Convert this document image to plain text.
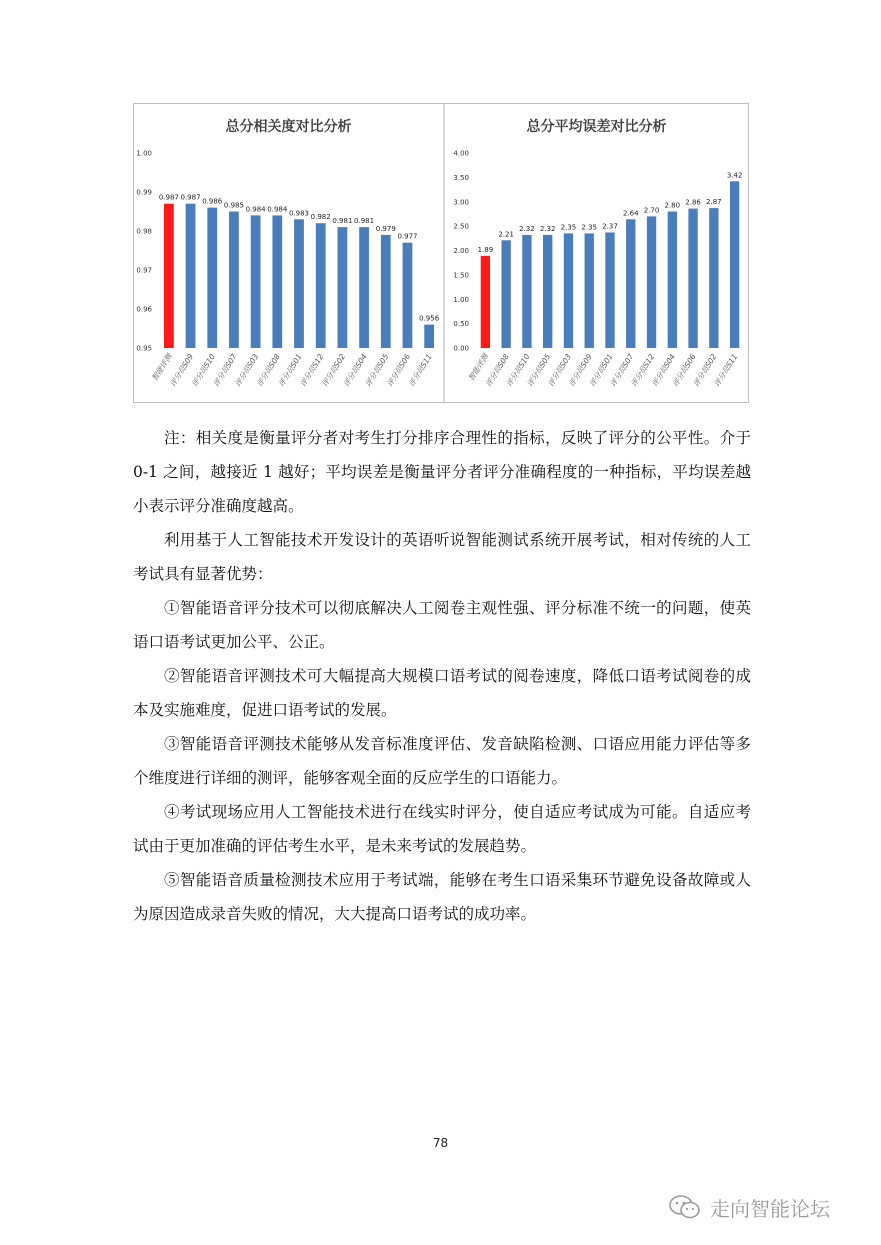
总分相关度对比分析
1.00
0.99
0.98
0.97
0.96
0.95
0.987
智能评测
0.987
评分员S09
0.986
评分员S10
0.985
评分员S07
0.984
评分员S03
0.984
评分员S08
0.983
评分员S01
0.982
评分员S12
0.981
评分员S02
0.981
评分员S04
0.979
评分员S05
0.977
评分员S06
0.956
评分员S11
总分平均误差对比分析
4.00
3.50
3.00
2.50
2.00
1.50
1.00
0.50
0.00
1.89
智能评测
2.21
评分员S08
2.32
评分员S10
2.32
评分员S05
2.35
评分员S03
2.35
评分员S09
2.37
评分员S01
2.64
评分员S07
2.70
评分员S12
2.80
评分员S04
2.86
评分员S06
2.87
评分员S02
3.42
评分员S11

注：相关度是衡量评分者对考生打分排序合理性的指标，反映了评分的公平性。介于 0-1 之间，越接近 1 越好；平均误差是衡量评分者评分准确程度的一种指标，平均误差越小表示评分准确度越高。

利用基于人工智能技术开发设计的英语听说智能测试系统开展考试，相对传统的人工考试具有显著优势：

①智能语音评分技术可以彻底解决人工阅卷主观性强、评分标准不统一的问题，使英语口语考试更加公平、公正。

②智能语音评测技术可大幅提高大规模口语考试的阅卷速度，降低口语考试阅卷的成本及实施难度，促进口语考试的发展。

③智能语音评测技术能够从发音标准度评估、发音缺陷检测、口语应用能力评估等多个维度进行详细的测评，能够客观全面的反应学生的口语能力。

④考试现场应用人工智能技术进行在线实时评分，使自适应考试成为可能。自适应考试由于更加准确的评估考生水平，是未来考试的发展趋势。

⑤智能语音质量检测技术应用于考试端，能够在考生口语采集环节避免设备故障或人为原因造成录音失败的情况，大大提高口语考试的成功率。

78
走向智能论坛
